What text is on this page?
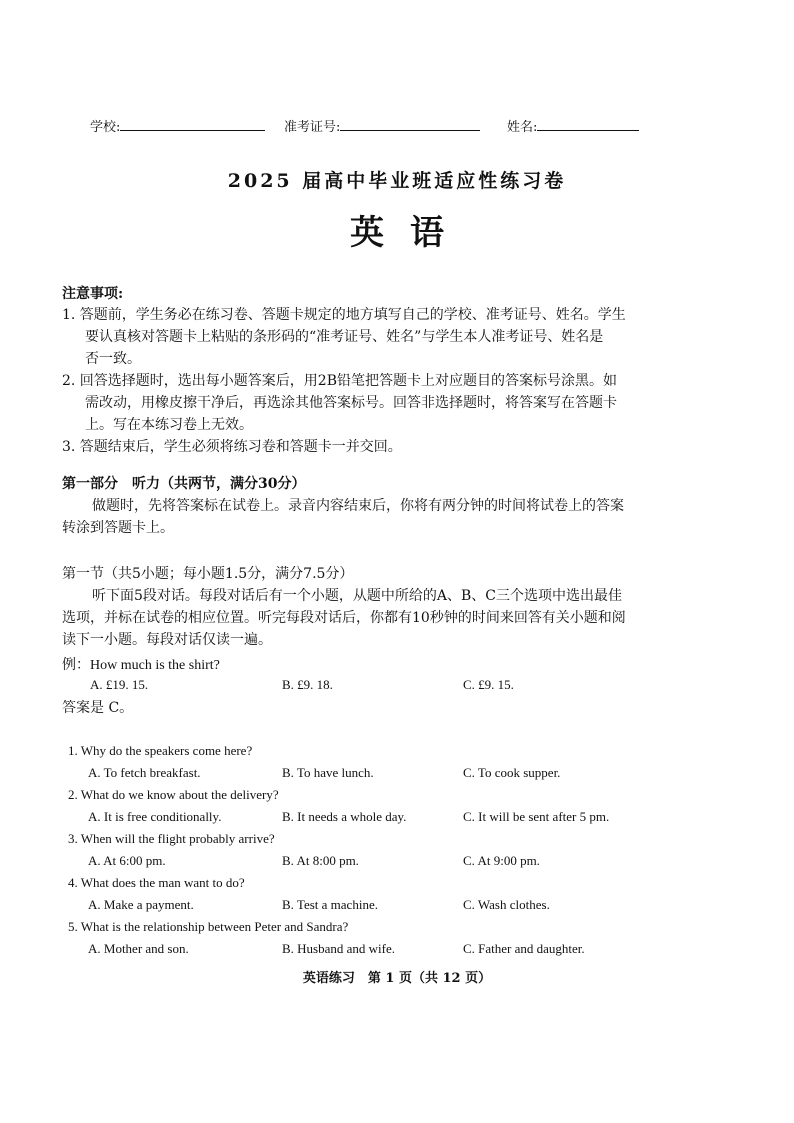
学校:	准考证号:	姓名:
2025 届高中毕业班适应性练习卷
英语
注意事项:
1. 答题前，学生务必在练习卷、答题卡规定的地方填写自己的学校、准考证号、姓名。学生
要认真核对答题卡上粘贴的条形码的“准考证号、姓名”与学生本人准考证号、姓名是
否一致。
2. 回答选择题时，选出每小题答案后，用2B铅笔把答题卡上对应题目的答案标号涂黑。如
需改动，用橡皮擦干净后，再选涂其他答案标号。回答非选择题时，将答案写在答题卡
上。写在本练习卷上无效。
3. 答题结束后，学生必须将练习卷和答题卡一并交回。
第一部分　听力（共两节，满分30分）
做题时，先将答案标在试卷上。录音内容结束后，你将有两分钟的时间将试卷上的答案
转涂到答题卡上。
第一节（共5小题；每小题1.5分，满分7.5分）
听下面5段对话。每段对话后有一个小题，从题中所给的A、B、C三个选项中选出最佳
选项，并标在试卷的相应位置。听完每段对话后，你都有10秒钟的时间来回答有关小题和阅
读下一小题。每段对话仅读一遍。
例：How much is the shirt?
A. £19. 15.	B. £9. 18.	C. £9. 15.
答案是 C。
1. Why do the speakers come here?
A. To fetch breakfast.	B. To have lunch.	C. To cook supper.
2. What do we know about the delivery?
A. It is free conditionally.	B. It needs a whole day.	C. It will be sent after 5 pm.
3. When will the flight probably arrive?
A. At 6:00 pm.	B. At 8:00 pm.	C. At 9:00 pm.
4. What does the man want to do?
A. Make a payment.	B. Test a machine.	C. Wash clothes.
5. What is the relationship between Peter and Sandra?
A. Mother and son.	B. Husband and wife.	C. Father and daughter.
英语练习　第 1 页（共 12 页）
